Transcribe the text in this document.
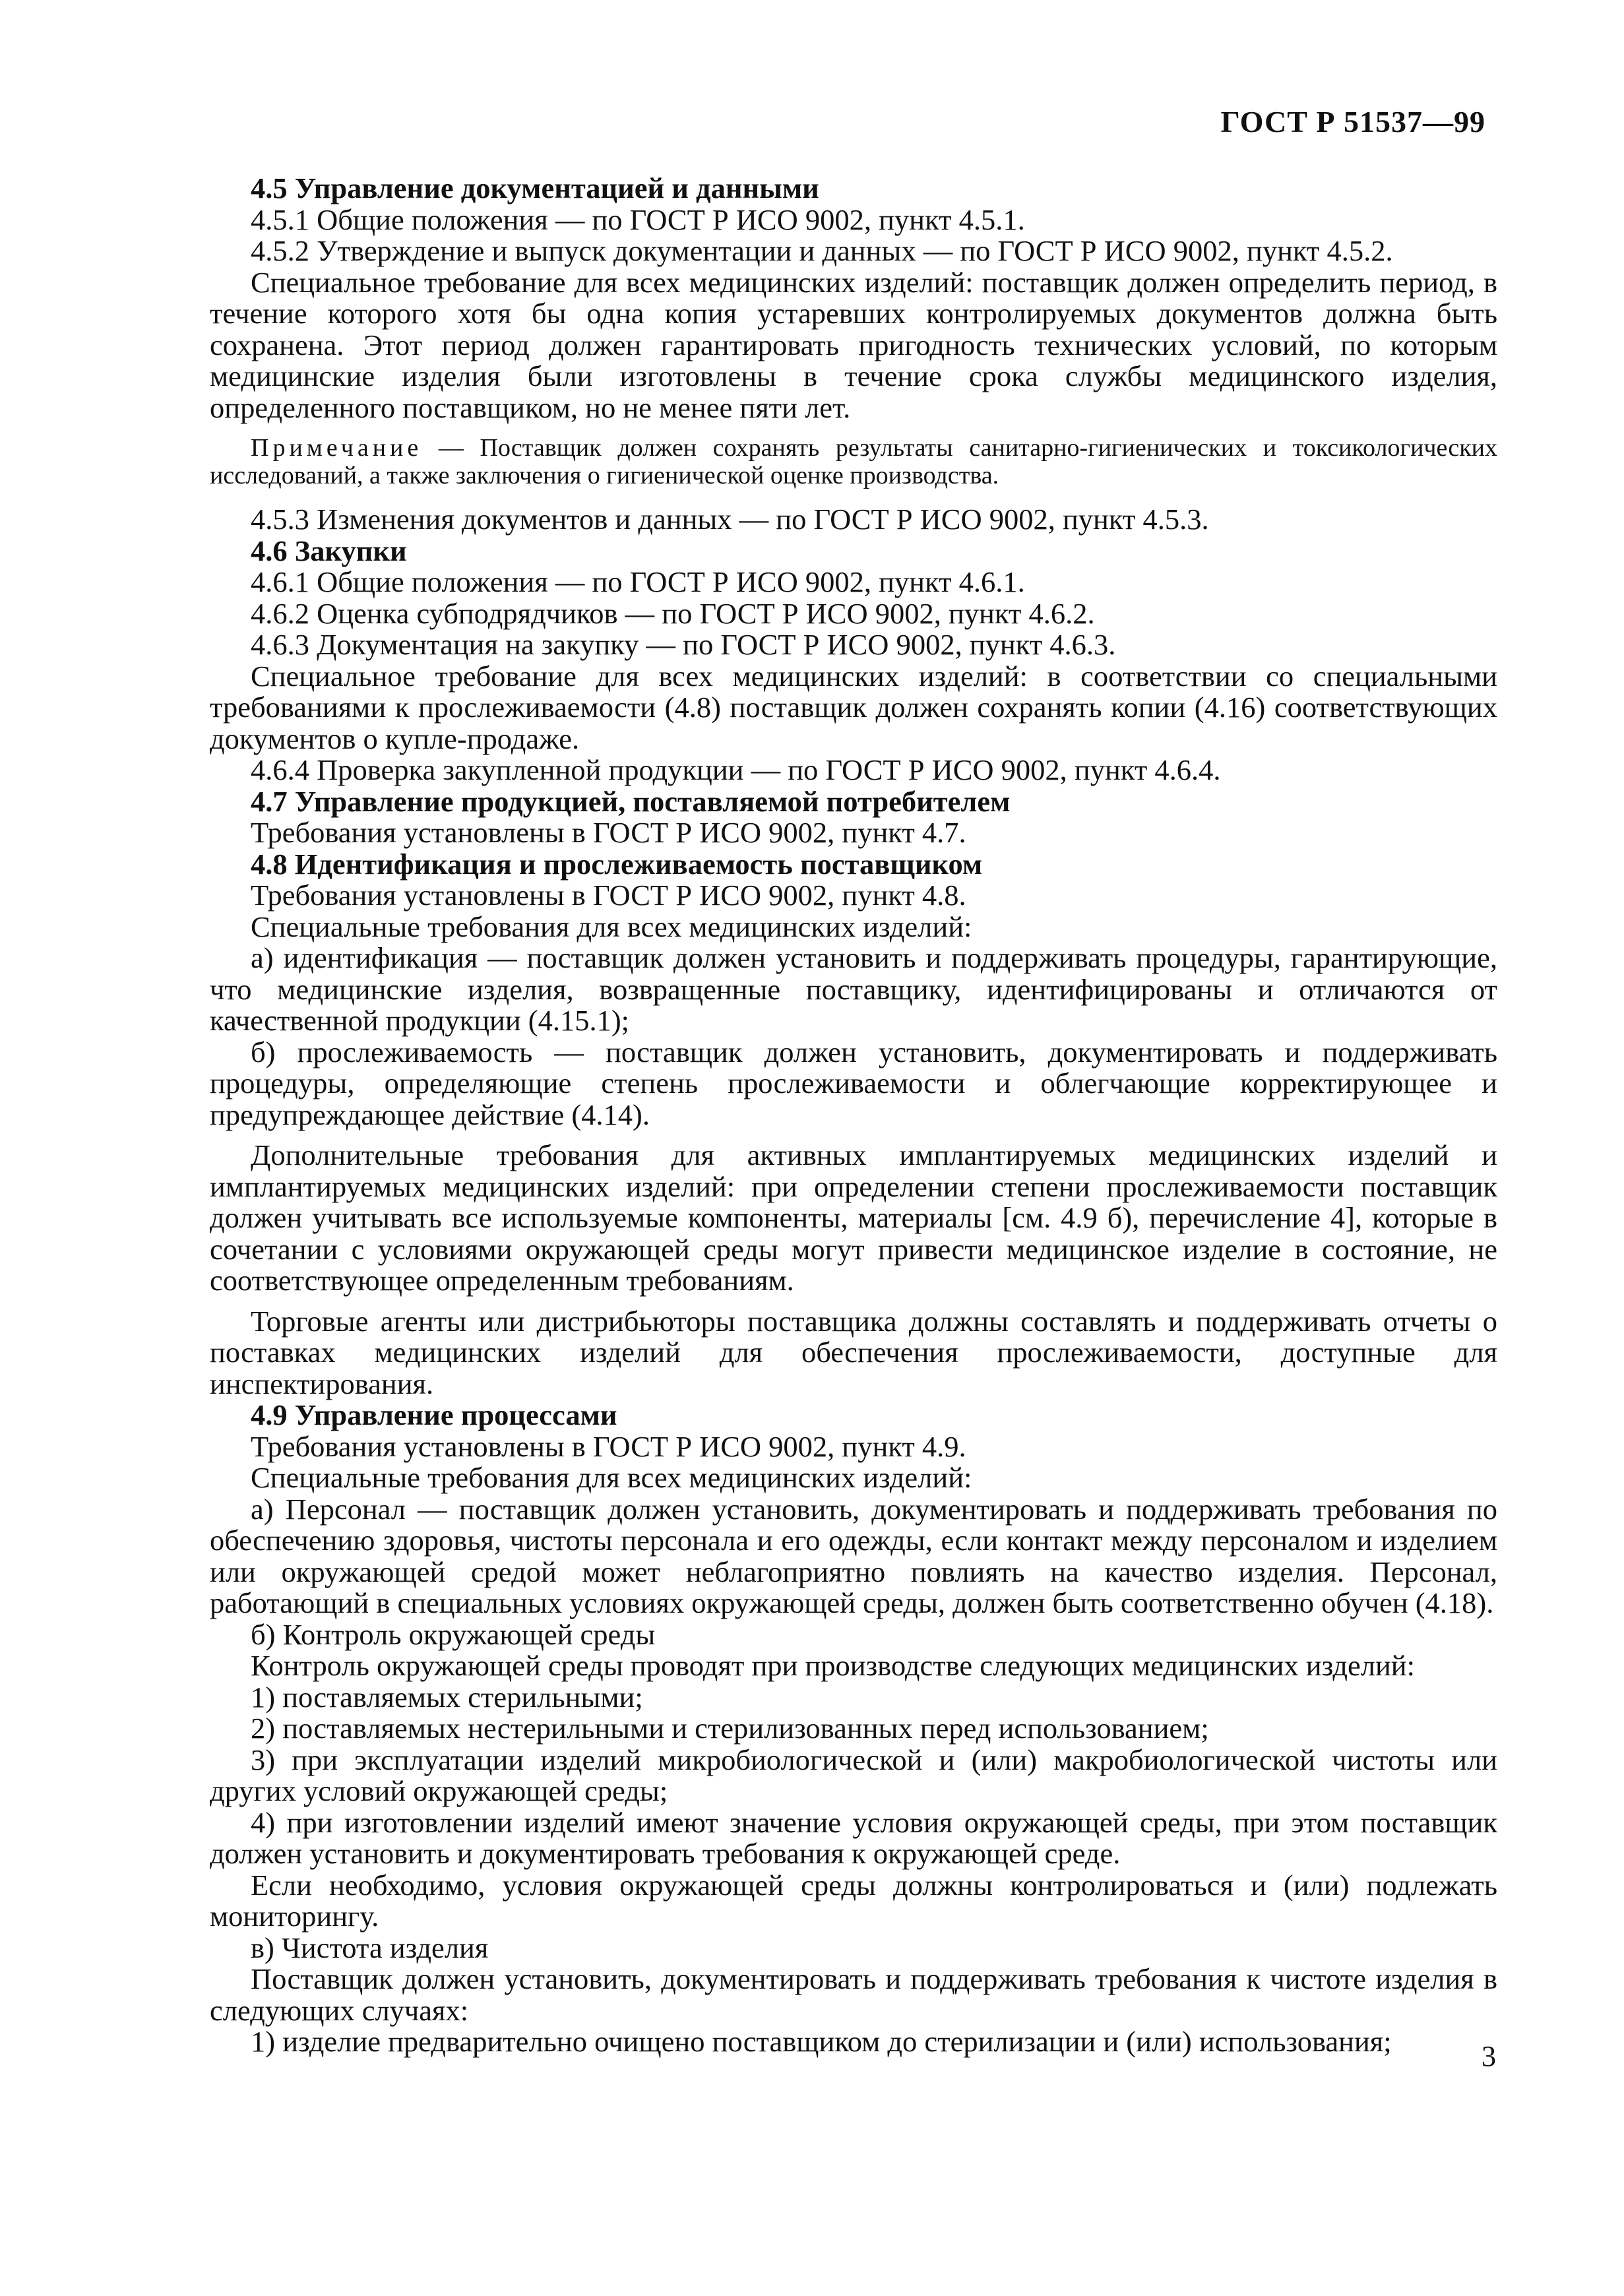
ГОСТ Р 51537—99

4.5 Управление документацией и данными

4.5.1 Общие положения — по ГОСТ Р ИСО 9002, пункт 4.5.1.

4.5.2 Утверждение и выпуск документации и данных — по ГОСТ Р ИСО 9002, пункт 4.5.2.

Специальное требование для всех медицинских изделий: поставщик должен определить период, в течение которого хотя бы одна копия устаревших контролируемых документов должна быть сохранена. Этот период должен гарантировать пригодность технических условий, по которым медицинские изделия были изготовлены в течение срока службы медицинского изделия, определенного поставщиком, но не менее пяти лет.

Примечание — Поставщик должен сохранять результаты санитарно-гигиенических и токсикологических исследований, а также заключения о гигиенической оценке производства.

4.5.3 Изменения документов и данных — по ГОСТ Р ИСО 9002, пункт 4.5.3.

4.6 Закупки

4.6.1 Общие положения — по ГОСТ Р ИСО 9002, пункт 4.6.1.

4.6.2 Оценка субподрядчиков — по ГОСТ Р ИСО 9002, пункт 4.6.2.

4.6.3 Документация на закупку — по ГОСТ Р ИСО 9002, пункт 4.6.3.

Специальное требование для всех медицинских изделий: в соответствии со специальными требованиями к прослеживаемости (4.8) поставщик должен сохранять копии (4.16) соответствующих документов о купле-продаже.

4.6.4 Проверка закупленной продукции — по ГОСТ Р ИСО 9002, пункт 4.6.4.

4.7 Управление продукцией, поставляемой потребителем

Требования установлены в ГОСТ Р ИСО 9002, пункт 4.7.

4.8 Идентификация и прослеживаемость поставщиком

Требования установлены в ГОСТ Р ИСО 9002, пункт 4.8.

Специальные требования для всех медицинских изделий:

а) идентификация — поставщик должен установить и поддерживать процедуры, гарантирующие, что медицинские изделия, возвращенные поставщику, идентифицированы и отличаются от качественной продукции (4.15.1);

б) прослеживаемость — поставщик должен установить, документировать и поддерживать процедуры, определяющие степень прослеживаемости и облегчающие корректирующее и предупреждающее действие (4.14).

Дополнительные требования для активных имплантируемых медицинских изделий и имплантируемых медицинских изделий: при определении степени прослеживаемости поставщик должен учитывать все используемые компоненты, материалы [см. 4.9 б), перечисление 4], которые в сочетании с условиями окружающей среды могут привести медицинское изделие в состояние, не соответствующее определенным требованиям.

Торговые агенты или дистрибьюторы поставщика должны составлять и поддерживать отчеты о поставках медицинских изделий для обеспечения прослеживаемости, доступные для инспектирования.

4.9 Управление процессами

Требования установлены в ГОСТ Р ИСО 9002, пункт 4.9.

Специальные требования для всех медицинских изделий:

а) Персонал — поставщик должен установить, документировать и поддерживать требования по обеспечению здоровья, чистоты персонала и его одежды, если контакт между персоналом и изделием или окружающей средой может неблагоприятно повлиять на качество изделия. Персонал, работающий в специальных условиях окружающей среды, должен быть соответственно обучен (4.18).

б) Контроль окружающей среды

Контроль окружающей среды проводят при производстве следующих медицинских изделий:

1) поставляемых стерильными;

2) поставляемых нестерильными и стерилизованных перед использованием;

3) при эксплуатации изделий микробиологической и (или) макробиологической чистоты или других условий окружающей среды;

4) при изготовлении изделий имеют значение условия окружающей среды, при этом поставщик должен установить и документировать требования к окружающей среде.

Если необходимо, условия окружающей среды должны контролироваться и (или) подлежать мониторингу.

в) Чистота изделия

Поставщик должен установить, документировать и поддерживать требования к чистоте изделия в следующих случаях:

1) изделие предварительно очищено поставщиком до стерилизации и (или) использования;	3
